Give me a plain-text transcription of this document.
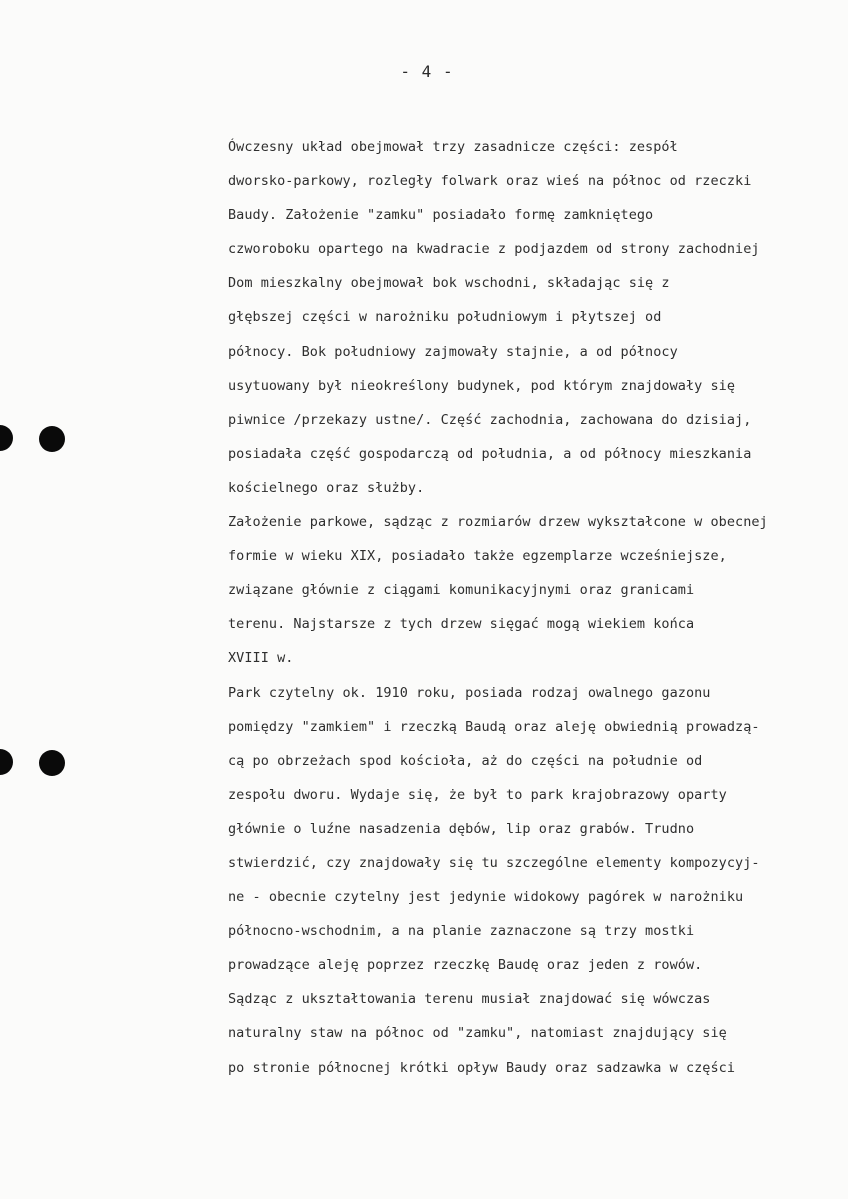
- 4 -
Ówczesny układ obejmował trzy zasadnicze części: zespół
dworsko-parkowy, rozległy folwark oraz wieś na północ od rzeczki
Baudy. Założenie "zamku" posiadało formę zamkniętego
czworoboku opartego na kwadracie z podjazdem od strony zachodniej
Dom mieszkalny obejmował bok wschodni, składając się z
głębszej części w narożniku południowym i płytszej od
północy. Bok południowy zajmowały stajnie, a od północy
usytuowany był nieokreślony budynek, pod którym znajdowały się
piwnice /przekazy ustne/. Część zachodnia, zachowana do dzisiaj,
posiadała część gospodarczą od południa, a od północy mieszkania
kościelnego oraz służby.
Założenie parkowe, sądząc z rozmiarów drzew wykształcone w obecnej
formie w wieku XIX, posiadało także egzemplarze wcześniejsze,
związane głównie z ciągami komunikacyjnymi oraz granicami
terenu. Najstarsze z tych drzew sięgać mogą wiekiem końca
XVIII w.
Park czytelny ok. 1910 roku, posiada rodzaj owalnego gazonu
pomiędzy "zamkiem" i rzeczką Baudą oraz aleję obwiednią prowadzą-
cą po obrzeżach spod kościoła, aż do części na południe od
zespołu dworu. Wydaje się, że był to park krajobrazowy oparty
głównie o luźne nasadzenia dębów, lip oraz grabów. Trudno
stwierdzić, czy znajdowały się tu szczególne elementy kompozycyj-
ne - obecnie czytelny jest jedynie widokowy pagórek w narożniku
północno-wschodnim, a na planie zaznaczone są trzy mostki
prowadzące aleję poprzez rzeczkę Baudę oraz jeden z rowów.
Sądząc z ukształtowania terenu musiał znajdować się wówczas
naturalny staw na północ od "zamku", natomiast znajdujący się
po stronie północnej krótki opływ Baudy oraz sadzawka w części
